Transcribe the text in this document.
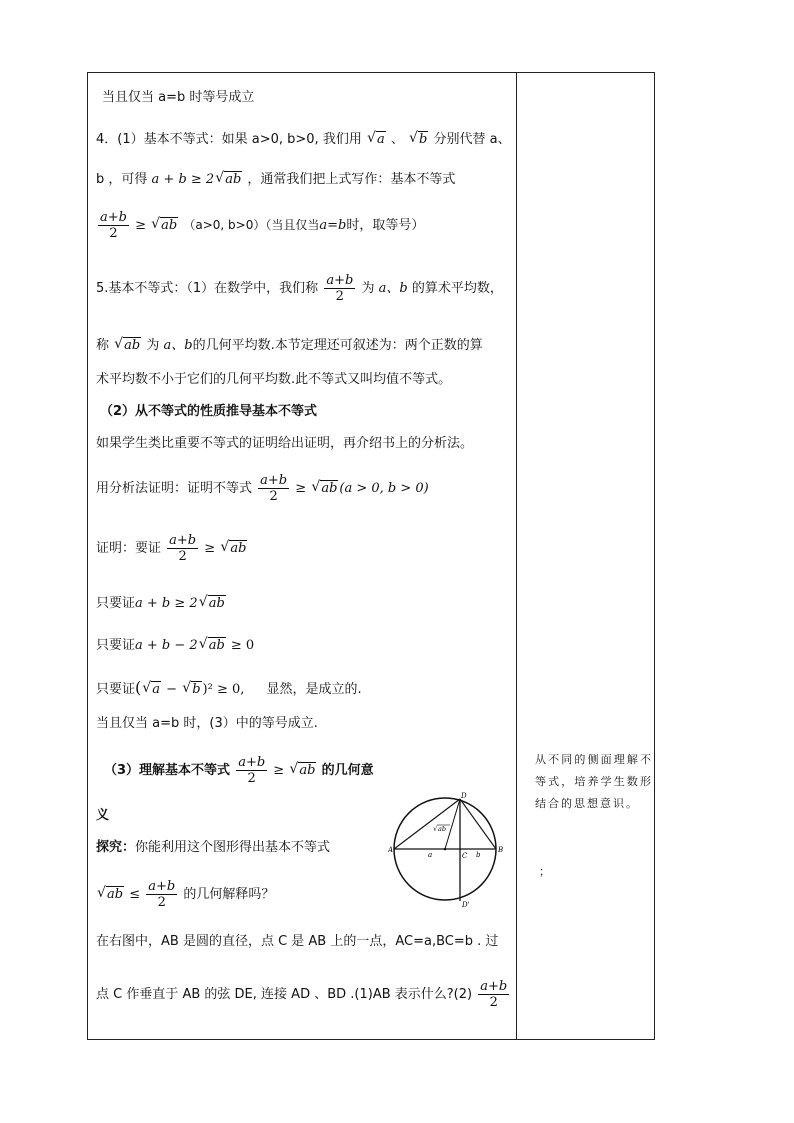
当且仅当 a=b 时等号成立
4．(1）基本不等式：如果 a>0, b>0, 我们用 √ a 、 √ b 分别代替 a、
b ，可得 a + b ≥ 2 √ ab ，通常我们把上式写作：基本不等式
$\frac{a+b}{2}$ ≥ √ ab （a>0, b>0）（当且仅当a=b时，取等号）
5.基本不等式：（1）在数学中，我们称 $\frac{a+b}{2}$ 为 a、b 的算术平均数，
称 √ ab 为 a、b的几何平均数.本节定理还可叙述为：两个正数的算
术平均数不小于它们的几何平均数.此不等式又叫均值不等式。
（2）从不等式的性质推导基本不等式
如果学生类比重要不等式的证明给出证明，再介绍书上的分析法。
用分析法证明：证明不等式 $\frac{a+b}{2}$ ≥ √ ab (a > 0, b > 0)
证明：要证 $\frac{a+b}{2}$ ≥ √ ab
只要证a + b ≥ 2 √ ab
只要证a + b − 2 √ ab ≥ 0
只要证( √ a − √ b )² ≥ 0, 显然，是成立的.
当且仅当 a=b 时，(3）中的等号成立.
（3）理解基本不等式 $\frac{a+b}{2}$ ≥ √ ab 的几何意
义
探究：你能利用这个图形得出基本不等式
√ ab ≤ $\frac{a+b}{2}$ 的几何解释吗？
在右图中，AB 是圆的直径，点 C 是 AB 上的一点，AC=a,BC=b . 过
点 C 作垂直于 AB 的弦 DE, 连接 AD 、BD .(1)AB 表示什么?(2) $\frac{a+b}{2}$
A	B
C
D
D'
a	b
√ ab
从不同的侧面理解不等式，培养学生数形结合的思想意识。
；
